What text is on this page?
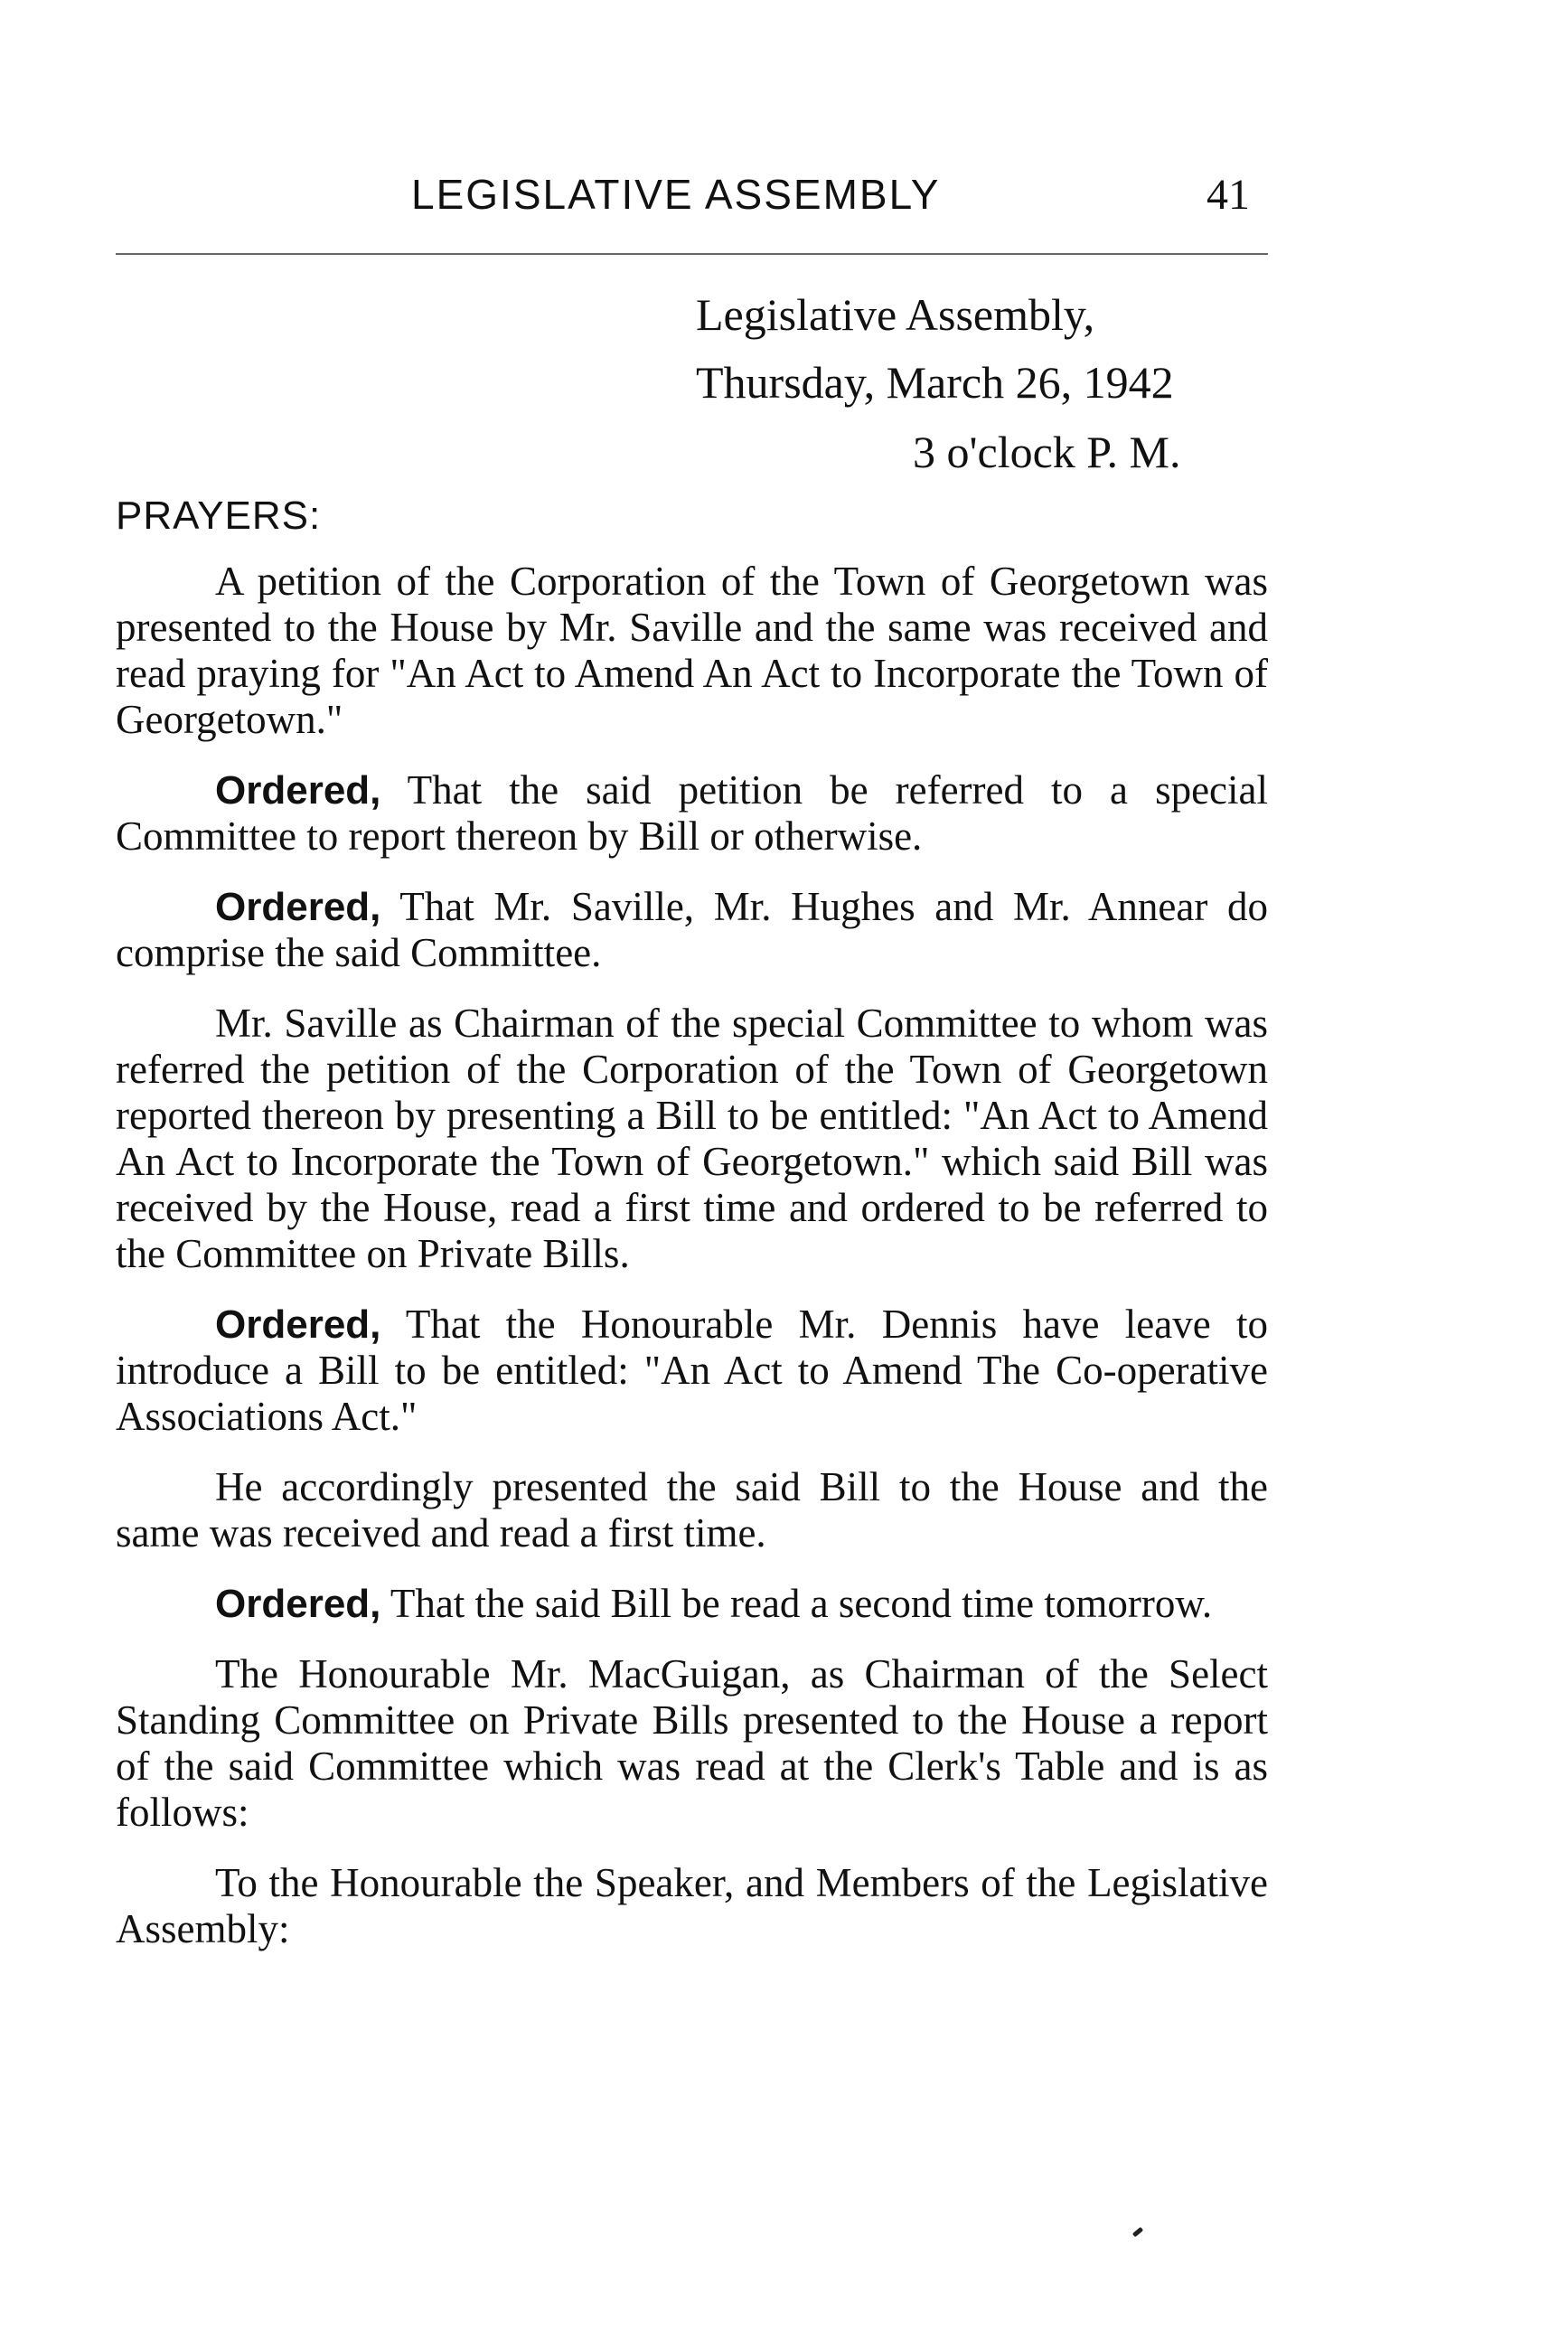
LEGISLATIVE ASSEMBLY	41
Legislative Assembly,
Thursday, March 26, 1942
3 o'clock P. M.
PRAYERS:

A petition of the Corporation of the Town of Georgetown was presented to the House by Mr. Saville and the same was received and read praying for "An Act to Amend An Act to Incorporate the Town of Georgetown."

Ordered, That the said petition be referred to a special Committee to report thereon by Bill or otherwise.

Ordered, That Mr. Saville, Mr. Hughes and Mr. Annear do comprise the said Committee.

Mr. Saville as Chairman of the special Committee to whom was referred the petition of the Corporation of the Town of Georgetown reported thereon by presenting a Bill to be entitled: "An Act to Amend An Act to Incorporate the Town of Georgetown." which said Bill was received by the House, read a first time and ordered to be referred to the Committee on Private Bills.

Ordered, That the Honourable Mr. Dennis have leave to introduce a Bill to be entitled: "An Act to Amend The Co-operative Associations Act."

He accordingly presented the said Bill to the House and the same was received and read a first time.

Ordered, That the said Bill be read a second time tomorrow.

The Honourable Mr. MacGuigan, as Chairman of the Select Standing Committee on Private Bills presented to the House a report of the said Committee which was read at the Clerk's Table and is as follows:

To the Honourable the Speaker, and Members of the Legislative Assembly:
